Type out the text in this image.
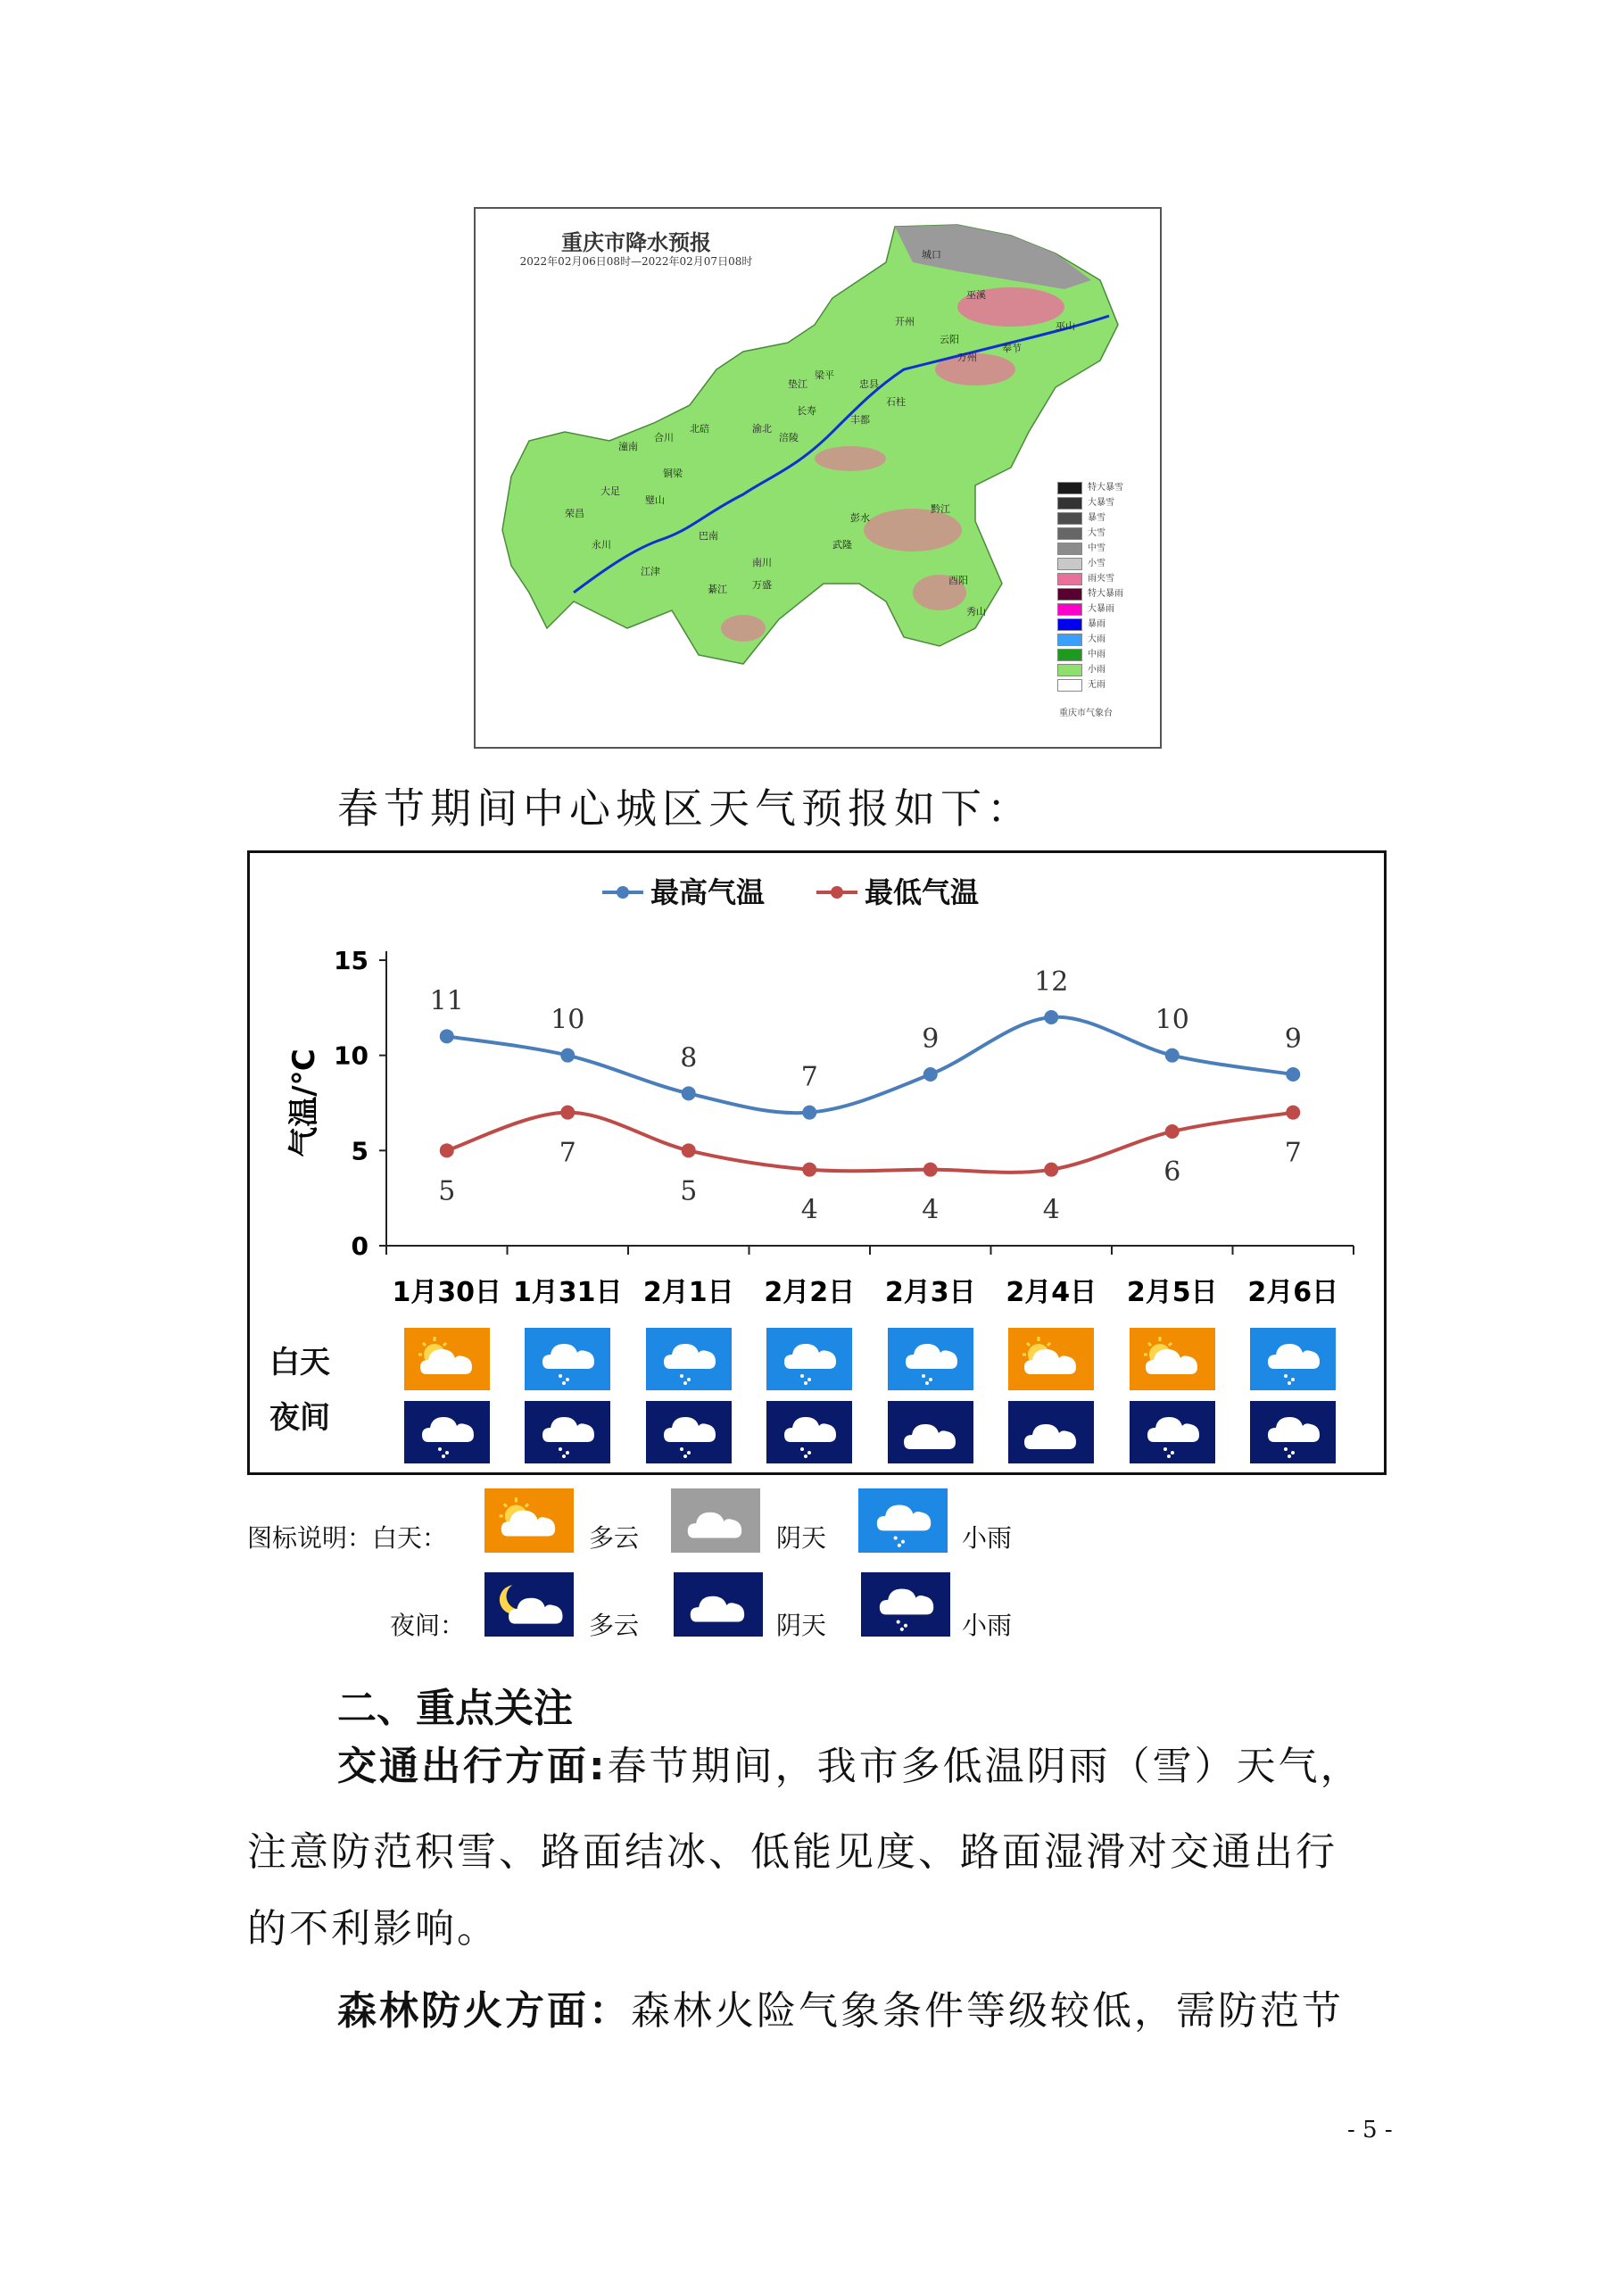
重庆市降水预报
2022年02月06日08时—2022年02月07日08时
城口
巫溪
开州
云阳
奉节
巫山
万州
梁平
忠县
垫江
石柱
丰都
长寿
涪陵
渝北
潼南
合川
北碚
铜梁
大足
荣昌
璧山
永川
江津
巴南
南川
武隆
彭水
黔江
酉阳
秀山
綦江	万盛
特大暴雪
大暴雪
暴雪
大雪
中雪
小雪
雨夹雪
特大暴雨
大暴雨
暴雨
大雨
中雨
小雨
无雨
重庆市气象台
春节期间中心城区天气预报如下：
最高气温	最低气温
0
5
10
15
气温/℃
1月30日 1月31日 2月1日 2月2日 2月3日 2月4日 2月5日 2月6日
11
10
8
7
9
12
10
9
5
7
5
4	4	4
6
7
白天
夜间
图标说明：白天：	多云	阴天	小雨
夜间：	多云	阴天	小雨
二、重点关注
交通出行方面:春节期间，我市多低温阴雨（雪）天气，
注意防范积雪、路面结冰、低能见度、路面湿滑对交通出行
的不利影响。
森林防火方面：森林火险气象条件等级较低，需防范节
- 5 -
